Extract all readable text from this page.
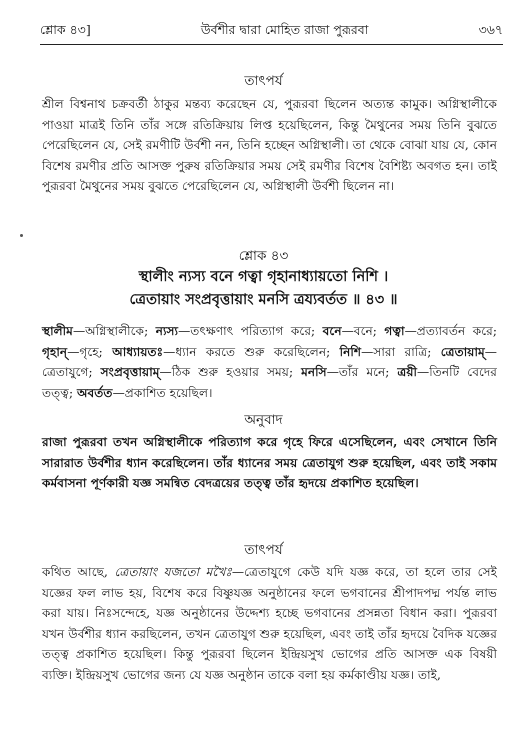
শ্লোক ৪৩]	উর্বশীর দ্বারা মোহিত রাজা পুরূরবা	৩৬৭
তাৎপর্য
শ্রীল বিশ্বনাথ চক্রবর্তী ঠাকুর মন্তব্য করেছেন যে, পুরূরবা ছিলেন অত্যন্ত কামুক। অগ্নিস্থালীকে পাওয়া মাত্রই তিনি তাঁর সঙ্গে রতিক্রিয়ায় লিপ্ত হয়েছিলেন, কিন্তু মৈথুনের সময় তিনি বুঝতে পেরেছিলেন যে, সেই রমণীটি উর্বশী নন, তিনি হচ্ছেন অগ্নিস্থালী। তা থেকে বোঝা যায় যে, কোন বিশেষ রমণীর প্রতি আসক্ত পুরুষ রতিক্রিয়ার সময় সেই রমণীর বিশেষ বৈশিষ্ট্য অবগত হন। তাই পুরূরবা মৈথুনের সময় বুঝতে পেরেছিলেন যে, অগ্নিস্থালী উর্বশী ছিলেন না।
শ্লোক ৪৩
স্থালীং ন্যস্য বনে গত্বা গৃহানাধ্যায়তো নিশি ।
ত্রেতায়াং সংপ্রবৃত্তায়াং মনসি ত্রয্যবর্তত ॥ ৪৩ ॥
স্থালীম—অগ্নিস্থালীকে; ন্যস্য—তৎক্ষণাৎ পরিত্যাগ করে; বনে—বনে; গত্বা—প্রত্যাবর্তন করে; গৃহান্—গৃহে; আধ্যায়তঃ—ধ্যান করতে শুরু করেছিলেন; নিশি—সারা রাত্রি; ত্রেতায়াম্—ত্রেতাযুগে; সংপ্রবৃত্তায়াম্—ঠিক শুরু হওয়ার সময়; মনসি—তাঁর মনে; ত্রয়ী—তিনটি বেদের তত্ত্ব; অবর্তত—প্রকাশিত হয়েছিল।
অনুবাদ
রাজা পুরূরবা তখন অগ্নিস্থালীকে পরিত্যাগ করে গৃহে ফিরে এসেছিলেন, এবং সেখানে তিনি সারারাত উর্বশীর ধ্যান করেছিলেন। তাঁর ধ্যানের সময় ত্রেতাযুগ শুরু হয়েছিল, এবং তাই সকাম কর্মবাসনা পূর্ণকারী যজ্ঞ সমন্বিত বেদত্রয়ের তত্ত্ব তাঁর হৃদয়ে প্রকাশিত হয়েছিল।
তাৎপর্য
কথিত আছে, ত্রেতায়াং যজতো মখৈঃ—ত্রেতাযুগে কেউ যদি যজ্ঞ করে, তা হলে তার সেই যজ্ঞের ফল লাভ হয়, বিশেষ করে বিষ্ণুযজ্ঞ অনুষ্ঠানের ফলে ভগবানের শ্রীপাদপদ্ম পর্যন্ত লাভ করা যায়। নিঃসন্দেহে, যজ্ঞ অনুষ্ঠানের উদ্দেশ্য হচ্ছে ভগবানের প্রসন্নতা বিধান করা। পুরূরবা যখন উর্বশীর ধ্যান করছিলেন, তখন ত্রেতাযুগ শুরু হয়েছিল, এবং তাই তাঁর হৃদয়ে বৈদিক যজ্ঞের তত্ত্ব প্রকাশিত হয়েছিল। কিন্তু পুরূরবা ছিলেন ইন্দ্রিয়সুখ ভোগের প্রতি আসক্ত এক বিষয়ী ব্যক্তি। ইন্দ্রিয়সুখ ভোগের জন্য যে যজ্ঞ অনুষ্ঠান তাকে বলা হয় কর্মকাণ্ডীয় যজ্ঞ। তাই,
